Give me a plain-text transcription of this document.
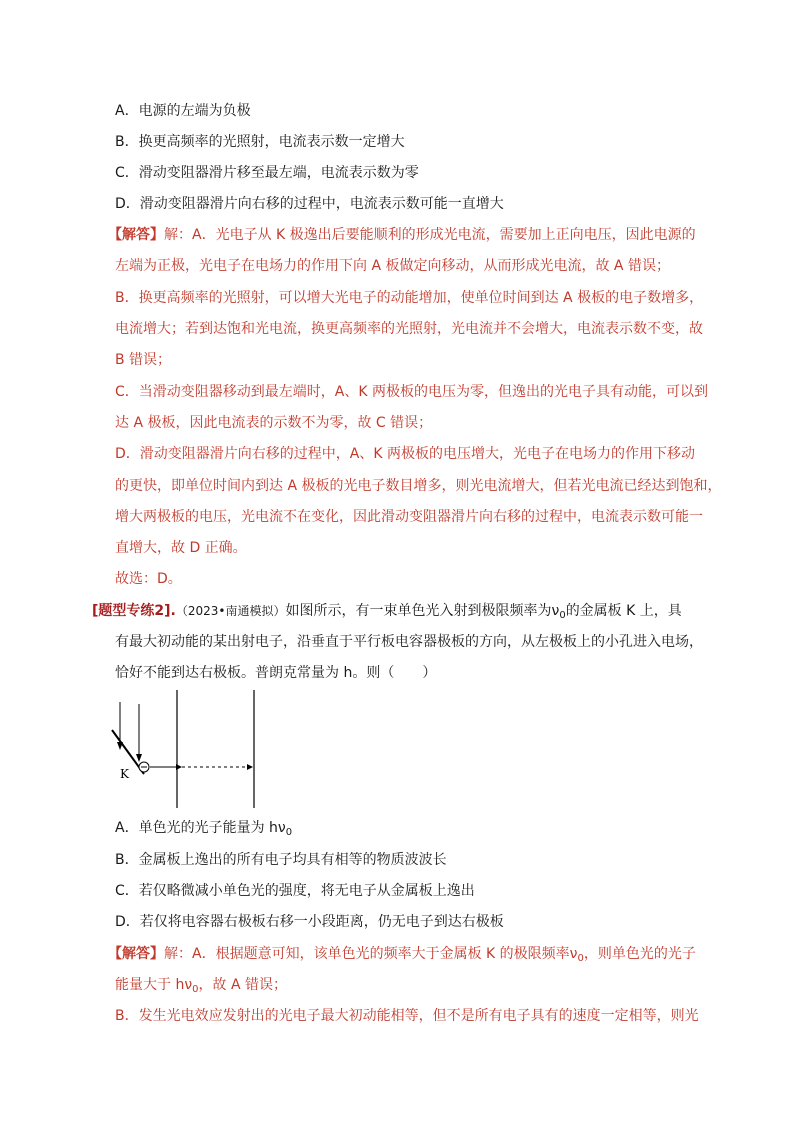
A．电源的左端为负极
B．换更高频率的光照射，电流表示数一定增大
C．滑动变阻器滑片移至最左端，电流表示数为零
D．滑动变阻器滑片向右移的过程中，电流表示数可能一直增大
【解答】解：A．光电子从 K 极逸出后要能顺利的形成光电流，需要加上正向电压，因此电源的
左端为正极，光电子在电场力的作用下向 A 板做定向移动，从而形成光电流，故 A 错误；
B．换更高频率的光照射，可以增大光电子的动能增加，使单位时间到达 A 极板的电子数增多，
电流增大；若到达饱和光电流，换更高频率的光照射，光电流并不会增大，电流表示数不变，故
B 错误；
C．当滑动变阻器移动到最左端时，A、K 两极板的电压为零，但逸出的光电子具有动能，可以到
达 A 极板，因此电流表的示数不为零，故 C 错误；
D．滑动变阻器滑片向右移的过程中，A、K 两极板的电压增大，光电子在电场力的作用下移动
的更快，即单位时间内到达 A 极板的光电子数目增多，则光电流增大，但若光电流已经达到饱和，
增大两极板的电压，光电流不在变化，因此滑动变阻器滑片向右移的过程中，电流表示数可能一
直增大，故 D 正确。
故选：D。
[题型专练2].（2023•南通模拟）如图所示，有一束单色光入射到极限频率为$\nu_0$的金属板 K 上，具
有最大初动能的某出射电子，沿垂直于平行板电容器极板的方向，从左极板上的小孔进入电场，
恰好不能到达右极板。普朗克常量为 h。则（　　）
K
A．单色光的光子能量为 $h\nu_0$
B．金属板上逸出的所有电子均具有相等的物质波波长
C．若仅略微减小单色光的强度，将无电子从金属板上逸出
D．若仅将电容器右极板右移一小段距离，仍无电子到达右极板
【解答】解：A．根据题意可知，该单色光的频率大于金属板 K 的极限频率$\nu_0$，则单色光的光子
能量大于 $h\nu_0$，故 A 错误；
B．发生光电效应发射出的光电子最大初动能相等，但不是所有电子具有的速度一定相等，则光
